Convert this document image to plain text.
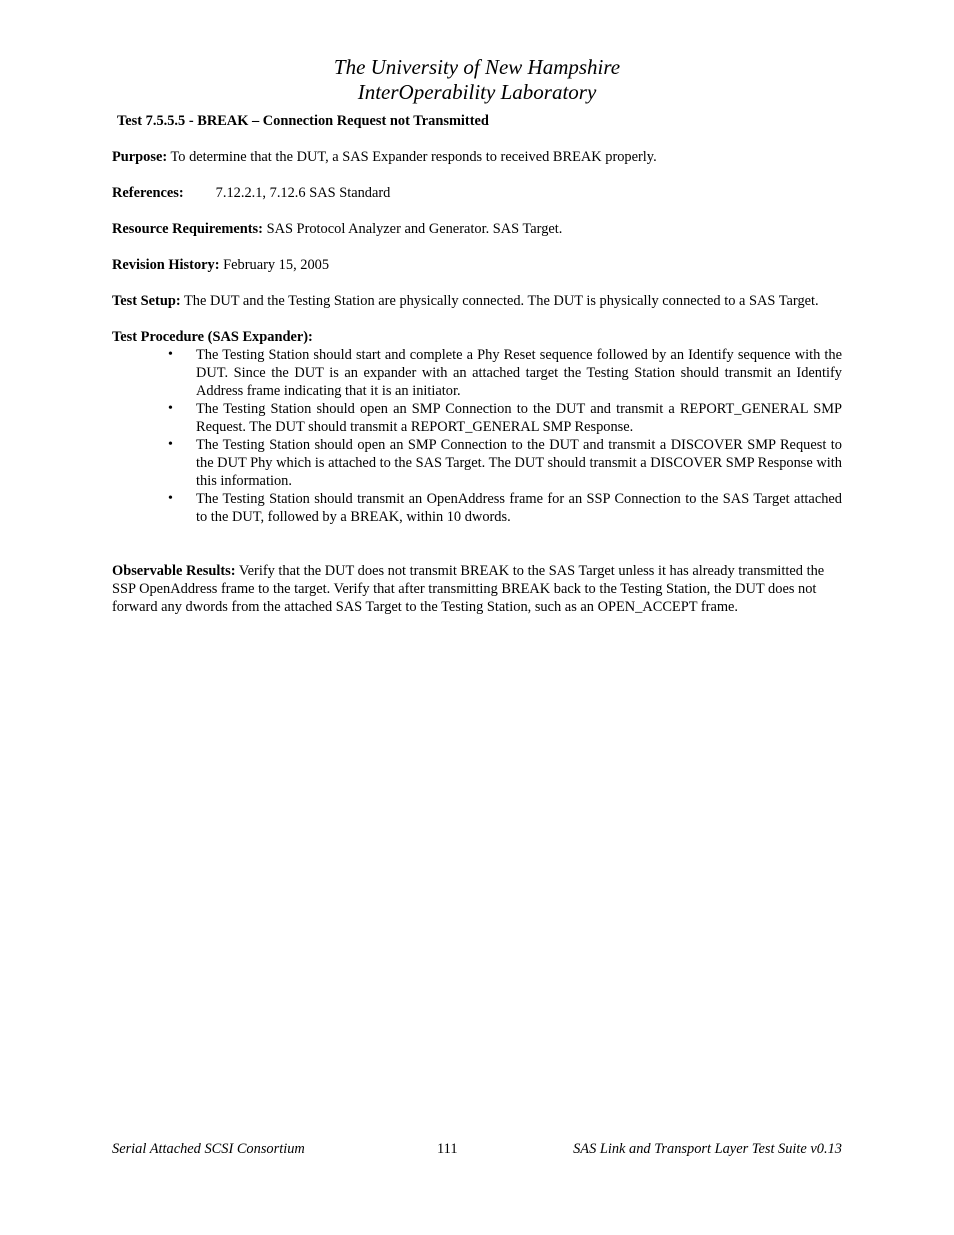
The University of New Hampshire
InterOperability Laboratory

Test 7.5.5.5 - BREAK – Connection Request not Transmitted

Purpose: To determine that the DUT, a SAS Expander responds to received BREAK properly.

References: 7.12.2.1, 7.12.6 SAS Standard

Resource Requirements: SAS Protocol Analyzer and Generator. SAS Target.

Revision History: February 15, 2005

Test Setup: The DUT and the Testing Station are physically connected. The DUT is physically connected to a SAS Target.

Test Procedure (SAS Expander):

• The Testing Station should start and complete a Phy Reset sequence followed by an Identify sequence with the DUT. Since the DUT is an expander with an attached target the Testing Station should transmit an Identify Address frame indicating that it is an initiator.
• The Testing Station should open an SMP Connection to the DUT and transmit a REPORT_GENERAL SMP Request. The DUT should transmit a REPORT_GENERAL SMP Response.
• The Testing Station should open an SMP Connection to the DUT and transmit a DISCOVER SMP Request to the DUT Phy which is attached to the SAS Target. The DUT should transmit a DISCOVER SMP Response with this information.
• The Testing Station should transmit an OpenAddress frame for an SSP Connection to the SAS Target attached to the DUT, followed by a BREAK, within 10 dwords.

Observable Results: Verify that the DUT does not transmit BREAK to the SAS Target unless it has already transmitted the SSP OpenAddress frame to the target. Verify that after transmitting BREAK back to the Testing Station, the DUT does not forward any dwords from the attached SAS Target to the Testing Station, such as an OPEN_ACCEPT frame.

Serial Attached SCSI Consortium	111	SAS Link and Transport Layer Test Suite v0.13
